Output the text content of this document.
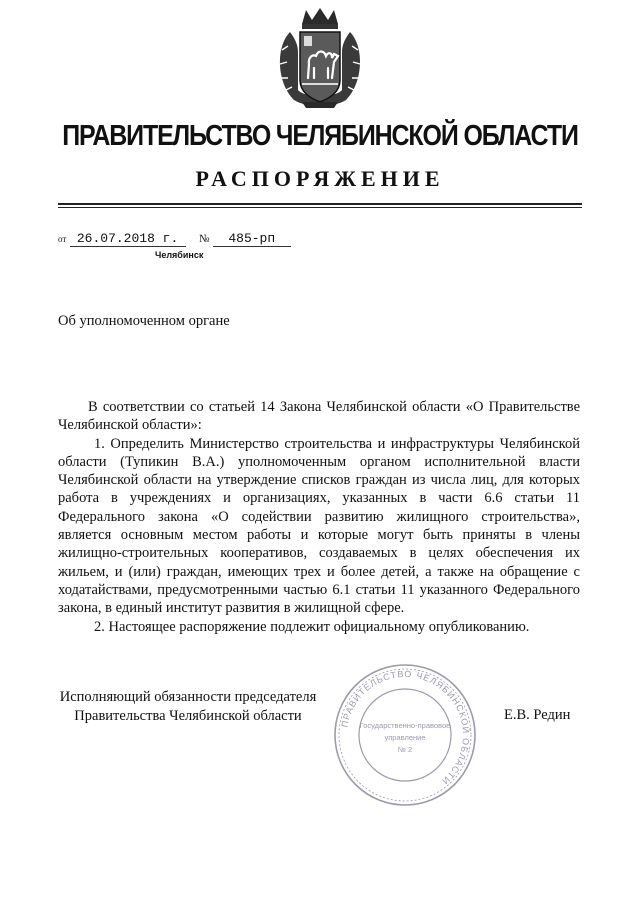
ПРАВИТЕЛЬСТВО ЧЕЛЯБИНСКОЙ ОБЛАСТИ
РАСПОРЯЖЕНИЕ
от 26.07.2018 г.	№ 485-рп
Челябинск
Об уполномоченном органе

В соответствии со статьей 14 Закона Челябинской области «О Правительстве Челябинской области»:

1. Определить Министерство строительства и инфраструктуры Челябинской области (Тупикин В.А.) уполномоченным органом исполнительной власти Челябинской области на утверждение списков граждан из числа лиц, для которых работа в учреждениях и организациях, указанных в части 6.6 статьи 11 Федерального закона «О содействии развитию жилищного строительства», является основным местом работы и которые могут быть приняты в члены жилищно-строительных кооперативов, создаваемых в целях обеспечения их жильем, и (или) граждан, имеющих трех и более детей, а также на обращение с ходатайствами, предусмотренными частью 6.1 статьи 11 указанного Федерального закона, в единый институт развития в жилищной сфере.

2. Настоящее распоряжение подлежит официальному опубликованию.

Исполняющий обязанности председателя
Правительства Челябинской области	ПРАВИТЕЛЬСТВО ЧЕЛЯБИНСКОЙ ОБЛАСТИ
Государственно-правовое
управление
№ 2
Е.В. Редин
